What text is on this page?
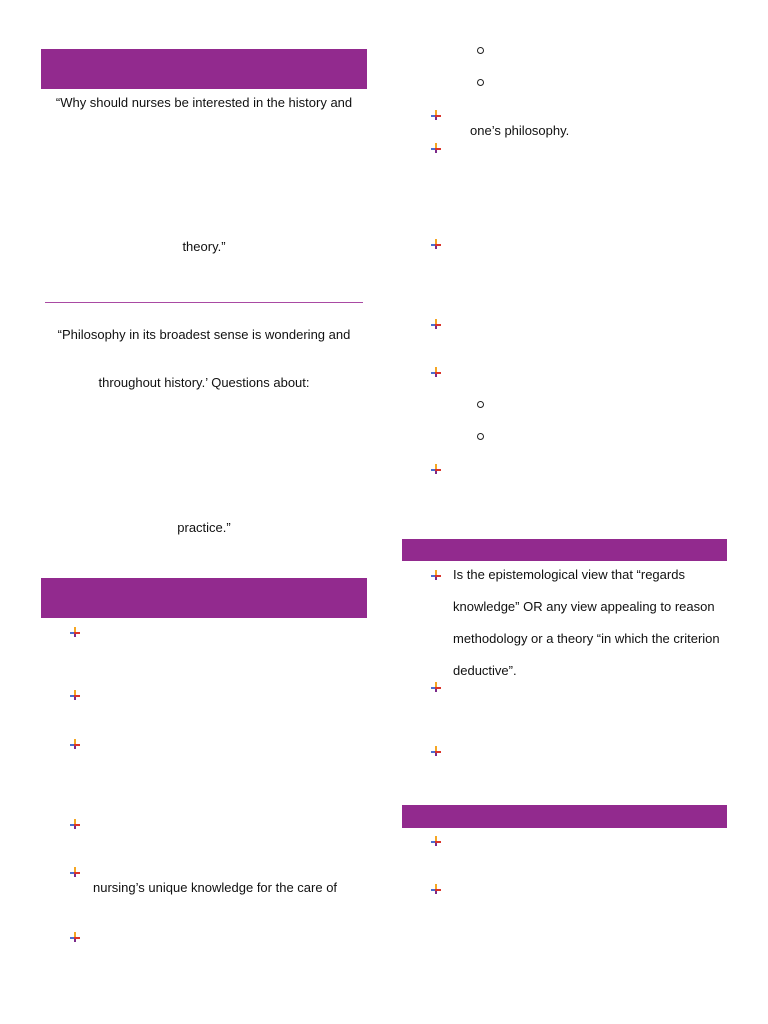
“Why should nurses be interested in the history and
theory.”
“Philosophy in its broadest sense is wondering and
throughout history.’ Questions about:
practice.”
nursing’s unique knowledge for the care of
one’s philosophy.
Is the epistemological view that “regards
knowledge” OR any view appealing to reason
methodology or a theory “in which the criterion
deductive”.
